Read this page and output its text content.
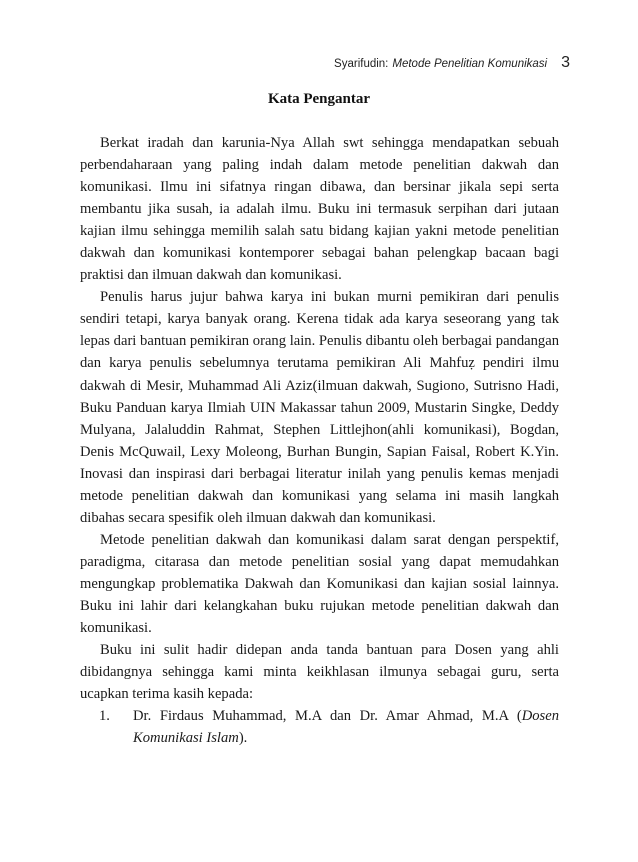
Syarifudin: Metode Penelitian Komunikasi 3
Kata Pengantar

Berkat iradah dan karunia-Nya Allah swt sehingga mendapatkan sebuah perbendaharaan yang paling indah dalam metode penelitian dakwah dan komunikasi. Ilmu ini sifatnya ringan dibawa, dan bersinar jikala sepi serta membantu jika susah, ia adalah ilmu. Buku ini termasuk serpihan dari jutaan kajian ilmu sehingga memilih salah satu bidang kajian yakni metode penelitian dakwah dan komunikasi kontemporer sebagai bahan pelengkap bacaan bagi praktisi dan ilmuan dakwah dan komunikasi.

Penulis harus jujur bahwa karya ini bukan murni pemikiran dari penulis sendiri tetapi, karya banyak orang. Kerena tidak ada karya seseorang yang tak lepas dari bantuan pemikiran orang lain. Penulis dibantu oleh berbagai pandangan dan karya penulis sebelumnya terutama pemikiran Ali Mahfuẓ pendiri ilmu dakwah di Mesir, Muhammad Ali Aziz(ilmuan dakwah, Sugiono, Sutrisno Hadi, Buku Panduan karya Ilmiah UIN Makassar tahun 2009, Mustarin Singke, Deddy Mulyana, Jalaluddin Rahmat, Stephen Littlejhon(ahli komunikasi), Bogdan, Denis McQuwail, Lexy Moleong, Burhan Bungin, Sapian Faisal, Robert K.Yin. Inovasi dan inspirasi dari berbagai literatur inilah yang penulis kemas menjadi metode penelitian dakwah dan komunikasi yang selama ini masih langkah dibahas secara spesifik oleh ilmuan dakwah dan komunikasi.

Metode penelitian dakwah dan komunikasi dalam sarat dengan perspektif, paradigma, citarasa dan metode penelitian sosial yang dapat memudahkan mengungkap problematika Dakwah dan Komunikasi dan kajian sosial lainnya. Buku ini lahir dari kelangkahan buku rujukan metode penelitian dakwah dan komunikasi.

Buku ini sulit hadir didepan anda tanda bantuan para Dosen yang ahli dibidangnya sehingga kami minta keikhlasan ilmunya sebagai guru, serta ucapkan terima kasih kepada:

1.	Dr. Firdaus Muhammad, M.A dan Dr. Amar Ahmad, M.A (Dosen Komunikasi Islam).
